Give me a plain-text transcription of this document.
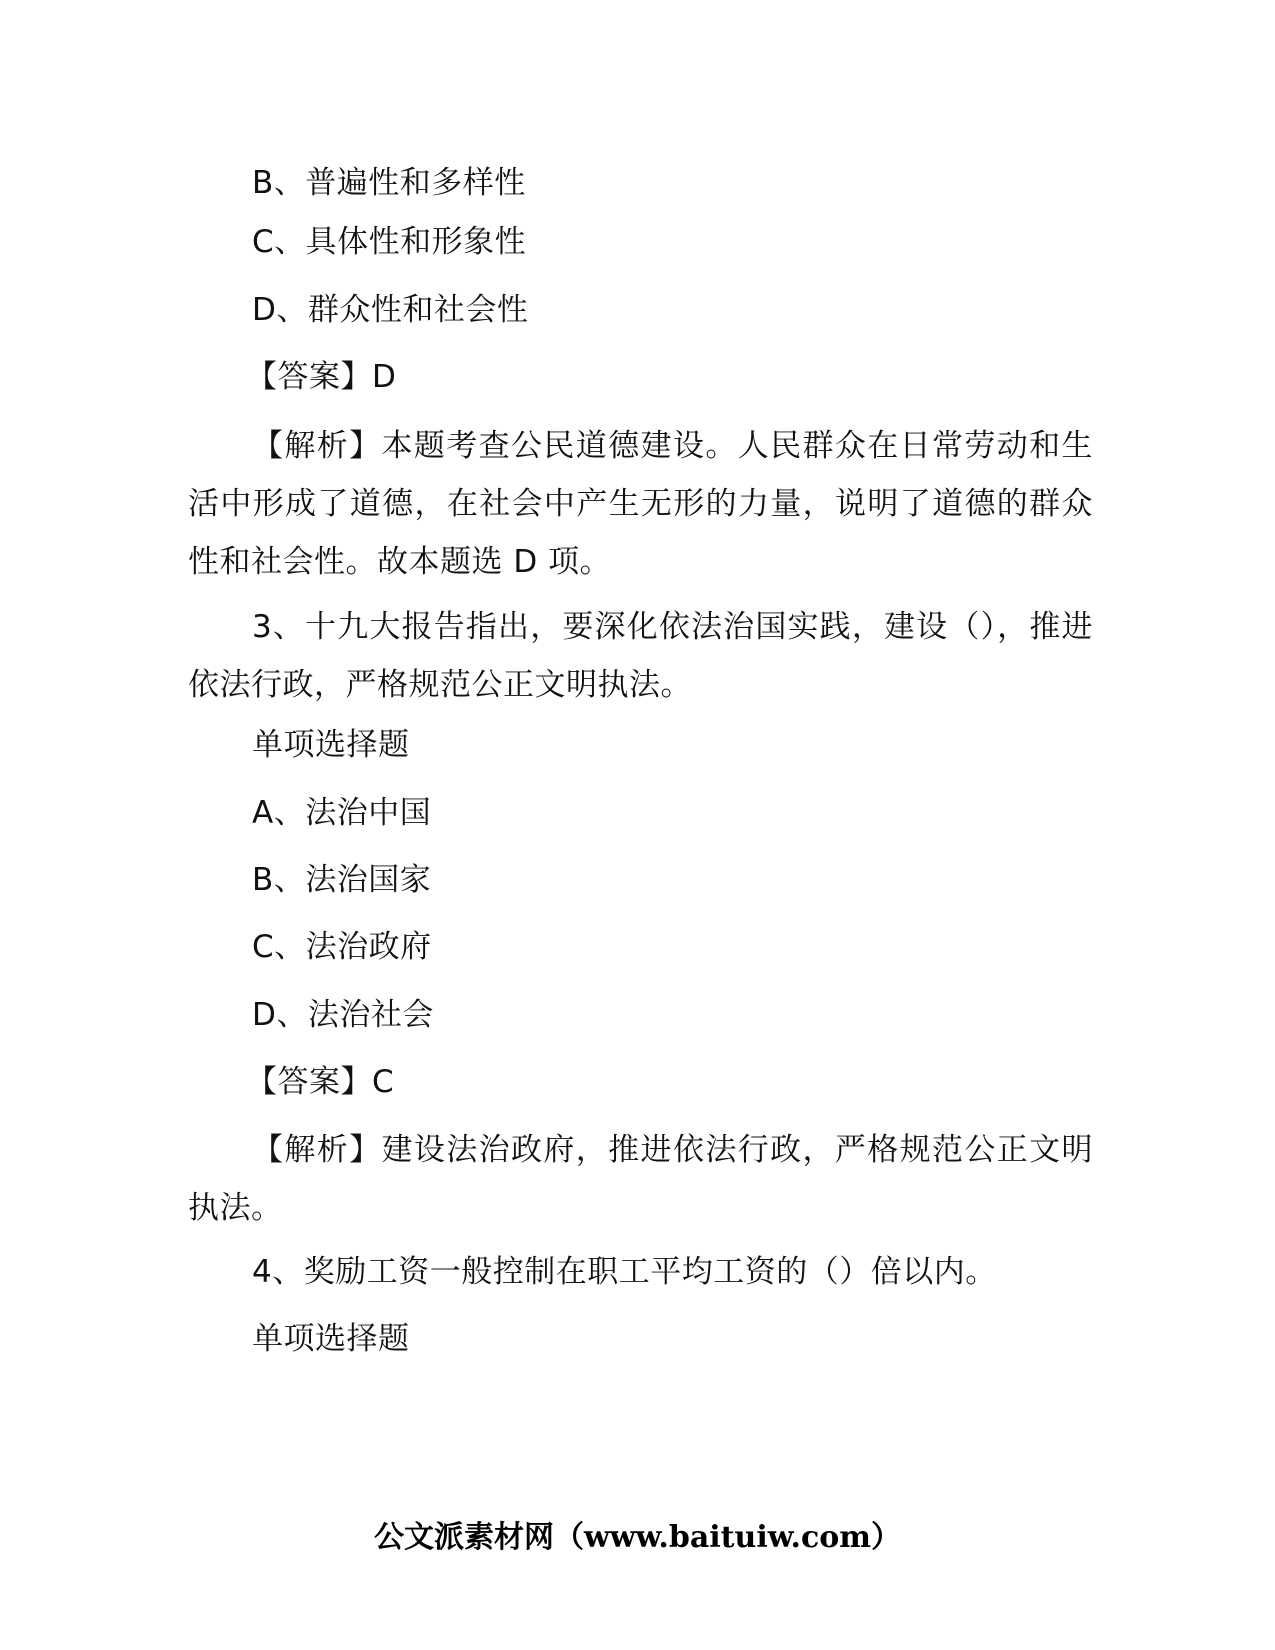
B、普遍性和多样性
C、具体性和形象性
D、群众性和社会性
【答案】D
【解析】本题考查公民道德建设。人民群众在日常劳动和生活中形成了道德，在社会中产生无形的力量，说明了道德的群众性和社会性。故本题选 D 项。
3、十九大报告指出，要深化依法治国实践，建设（），推进依法行政，严格规范公正文明执法。
单项选择题
A、法治中国
B、法治国家
C、法治政府
D、法治社会
【答案】C
【解析】建设法治政府，推进依法行政，严格规范公正文明执法。
4、奖励工资一般控制在职工平均工资的（）倍以内。
单项选择题
公文派素材网（www.baituiw.com）
